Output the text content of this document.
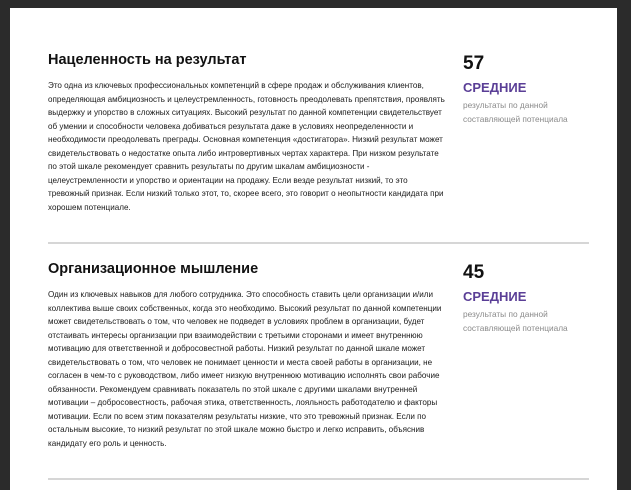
Нацеленность на результат

Это одна из ключевых профессиональных компетенций в сфере продаж и обслуживания клиентов, определяющая амбициозность и целеустремленность, готовность преодолевать препятствия, проявлять выдержку и упорство в сложных ситуациях. Высокий результат по данной компетенции свидетельствует об умении и способности человека добиваться результата даже в условиях неопределенности и необходимости преодолевать преграды. Основная компетенция «достигатора». Низкий результат может свидетельствовать о недостатке опыта либо интровертивных чертах характера. При низком результате по этой шкале рекомендует сравнить результаты по другим шкалам амбициозности - целеустремленности и упорство и ориентации на продажу. Если везде результат низкий, то это тревожный признак. Если низкий только этот, то, скорее всего, это говорит о неопытности кандидата при хорошем потенциале.

57
СРЕДНИЕ
результаты по данной составляющей потенциала
Организационное мышление

Один из ключевых навыков для любого сотрудника. Это способность ставить цели организации и/или коллектива выше своих собственных, когда это необходимо. Высокий результат по данной компетенции может свидетельствовать о том, что человек не подведет в условиях проблем в организации, будет отстаивать интересы организации при взаимодействии с третьими сторонами и имеет внутреннюю мотивацию для ответственной и добросовестной работы. Низкий результат по данной шкале может свидетельствовать о том, что человек не понимает ценности и места своей работы в организации, не согласен в чем-то с руководством, либо имеет низкую внутреннюю мотивацию исполнять свои рабочие обязанности. Рекомендуем сравнивать показатель по этой шкале с другими шкалами внутренней мотивации – добросовестность, рабочая этика, ответственность, лояльность работодателю и факторы мотивации. Если по всем этим показателям результаты низкие, что это тревожный признак. Если по остальным высокие, то низкий результат по этой шкале можно быстро и легко исправить, объяснив кандидату его роль и ценность.

45
СРЕДНИЕ
результаты по данной составляющей потенциала
